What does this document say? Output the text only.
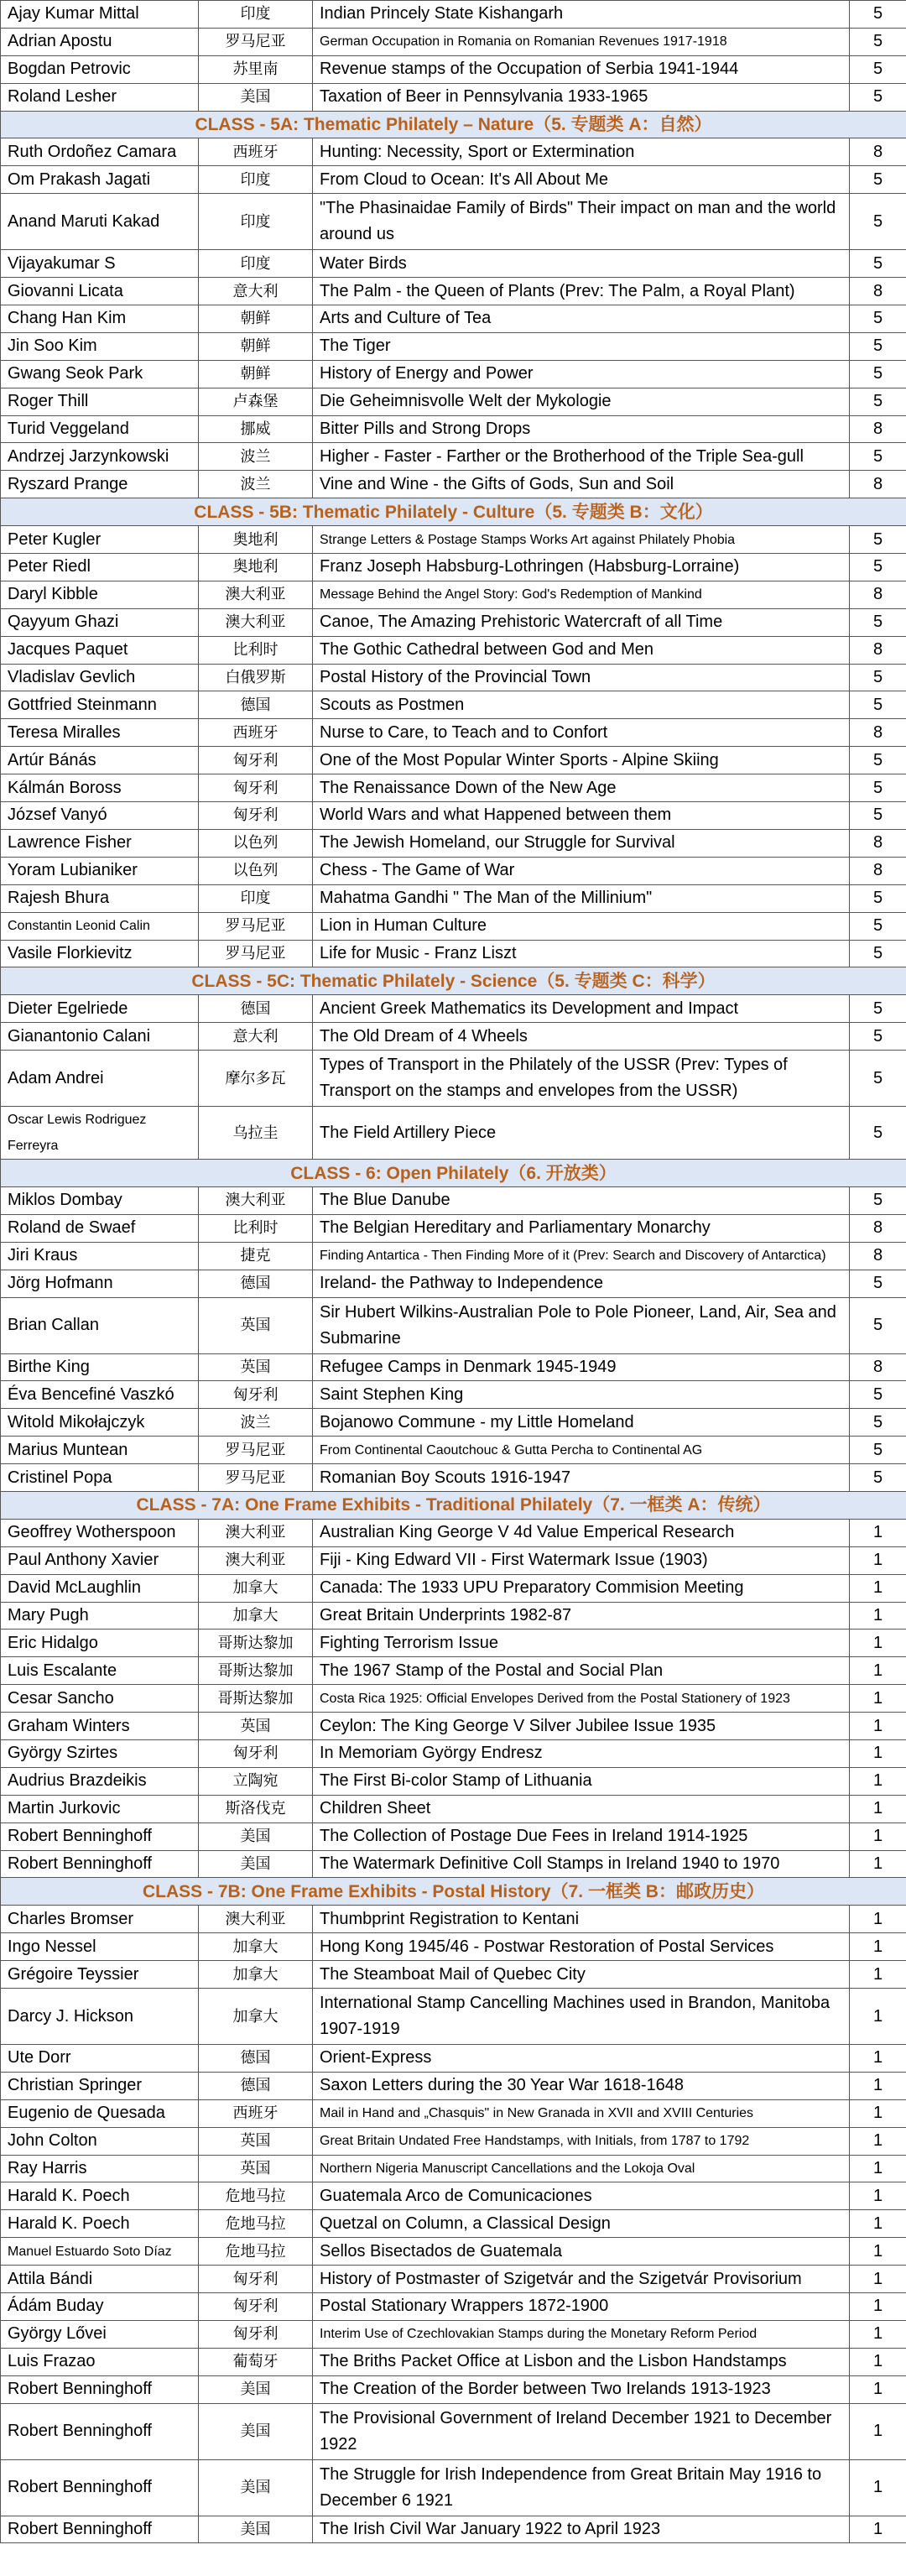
Ajay Kumar Mittal	印度	Indian Princely State Kishangarh	5
Adrian Apostu	罗马尼亚	German Occupation in Romania on Romanian Revenues 1917-1918	5
Bogdan Petrovic	苏里南	Revenue stamps of the Occupation of Serbia 1941-1944	5
Roland Lesher	美国	Taxation of Beer in Pennsylvania 1933-1965	5
CLASS - 5A: Thematic Philately – Nature（5. 专题类 A：自然）			
Ruth Ordoñez Camara	西班牙	Hunting: Necessity, Sport or Extermination	8
Om Prakash Jagati	印度	From Cloud to Ocean: It's All About Me	5
Anand Maruti Kakad	印度	"The Phasinaidae Family of Birds" Their impact on man and the world around us	5
Vijayakumar S	印度	Water Birds	5
Giovanni Licata	意大利	The Palm - the Queen of Plants (Prev: The Palm, a Royal Plant)	8
Chang Han Kim	朝鲜	Arts and Culture of Tea	5
Jin Soo Kim	朝鲜	The Tiger	5
Gwang Seok Park	朝鲜	History of Energy and Power	5
Roger Thill	卢森堡	Die Geheimnisvolle Welt der Mykologie	5
Turid Veggeland	挪威	Bitter Pills and Strong Drops	8
Andrzej Jarzynkowski	波兰	Higher - Faster - Farther or the Brotherhood of the Triple Sea-gull	5
Ryszard Prange	波兰	Vine and Wine - the Gifts of Gods, Sun and Soil	8
CLASS - 5B: Thematic Philately - Culture（5. 专题类 B：文化）			
Peter Kugler	奥地利	Strange Letters & Postage Stamps Works Art against Philately Phobia	5
Peter Riedl	奥地利	Franz Joseph Habsburg-Lothringen (Habsburg-Lorraine)	5
Daryl Kibble	澳大利亚	Message Behind the Angel Story: God's Redemption of Mankind	8
Qayyum Ghazi	澳大利亚	Canoe, The Amazing Prehistoric Watercraft of all Time	5
Jacques Paquet	比利时	The Gothic Cathedral between God and Men	8
Vladislav Gevlich	白俄罗斯	Postal History of the Provincial Town	5
Gottfried Steinmann	德国	Scouts as Postmen	5
Teresa Miralles	西班牙	Nurse to Care, to Teach and to Confort	8
Artúr Bánás	匈牙利	One of the Most Popular Winter Sports - Alpine Skiing	5
Kálmán Boross	匈牙利	The Renaissance Down of the New Age	5
József Vanyó	匈牙利	World Wars and what Happened between them	5
Lawrence Fisher	以色列	The Jewish Homeland, our Struggle for Survival	8
Yoram Lubianiker	以色列	Chess - The Game of War	8
Rajesh Bhura	印度	Mahatma Gandhi " The Man of the Millinium"	5
Constantin Leonid Calin	罗马尼亚	Lion in Human Culture	5
Vasile Florkievitz	罗马尼亚	Life for Music - Franz Liszt	5
CLASS - 5C: Thematic Philately - Science（5. 专题类 C：科学）			
Dieter Egelriede	德国	Ancient Greek Mathematics its Development and Impact	5
Gianantonio Calani	意大利	The Old Dream of 4 Wheels	5
Adam Andrei	摩尔多瓦	Types of Transport in the Philately of the USSR (Prev: Types of Transport on the stamps and envelopes from the USSR)	5
Oscar Lewis Rodriguez Ferreyra	乌拉圭	The Field Artillery Piece	5
CLASS - 6: Open Philately（6. 开放类）			
Miklos Dombay	澳大利亚	The Blue Danube	5
Roland de Swaef	比利时	The Belgian Hereditary and Parliamentary Monarchy	8
Jiri Kraus	捷克	Finding Antartica - Then Finding More of it (Prev: Search and Discovery of Antarctica)	8
Jörg Hofmann	德国	Ireland- the Pathway to Independence	5
Brian Callan	英国	Sir Hubert Wilkins-Australian Pole to Pole Pioneer, Land, Air, Sea and Submarine	5
Birthe King	英国	Refugee Camps in Denmark 1945-1949	8
Éva Bencefiné Vaszkó	匈牙利	Saint Stephen King	5
Witold Mikołajczyk	波兰	Bojanowo Commune - my Little Homeland	5
Marius Muntean	罗马尼亚	From Continental Caoutchouc & Gutta Percha to Continental AG	5
Cristinel Popa	罗马尼亚	Romanian Boy Scouts 1916-1947	5
CLASS - 7A: One Frame Exhibits - Traditional Philately（7. 一框类 A：传统）			
Geoffrey Wotherspoon	澳大利亚	Australian King George V 4d Value Emperical Research	1
Paul Anthony Xavier	澳大利亚	Fiji - King Edward VII - First Watermark Issue (1903)	1
David McLaughlin	加拿大	Canada: The 1933 UPU Preparatory Commision Meeting	1
Mary Pugh	加拿大	Great Britain Underprints 1982-87	1
Eric Hidalgo	哥斯达黎加	Fighting Terrorism Issue	1
Luis Escalante	哥斯达黎加	The 1967 Stamp of the Postal and Social Plan	1
Cesar Sancho	哥斯达黎加	Costa Rica 1925: Official Envelopes Derived from the Postal Stationery of 1923	1
Graham Winters	英国	Ceylon: The King George V Silver Jubilee Issue 1935	1
György Szirtes	匈牙利	In Memoriam György Endresz	1
Audrius Brazdeikis	立陶宛	The First Bi-color Stamp of Lithuania	1
Martin Jurkovic	斯洛伐克	Children Sheet	1
Robert Benninghoff	美国	The Collection of Postage Due Fees in Ireland 1914-1925	1
Robert Benninghoff	美国	The Watermark Definitive Coll Stamps in Ireland 1940 to 1970	1
CLASS - 7B: One Frame Exhibits - Postal History（7. 一框类 B：邮政历史）			
Charles Bromser	澳大利亚	Thumbprint Registration to Kentani	1
Ingo Nessel	加拿大	Hong Kong 1945/46 - Postwar Restoration of Postal Services	1
Grégoire Teyssier	加拿大	The Steamboat Mail of Quebec City	1
Darcy J. Hickson	加拿大	International Stamp Cancelling Machines used in Brandon, Manitoba 1907-1919	1
Ute Dorr	德国	Orient-Express	1
Christian Springer	德国	Saxon Letters during the 30 Year War 1618-1648	1
Eugenio de Quesada	西班牙	Mail in Hand and „Chasquis" in New Granada in XVII and XVIII Centuries	1
John Colton	英国	Great Britain Undated Free Handstamps, with Initials, from 1787 to 1792	1
Ray Harris	英国	Northern Nigeria Manuscript Cancellations and the Lokoja Oval	1
Harald K. Poech	危地马拉	Guatemala Arco de Comunicaciones	1
Harald K. Poech	危地马拉	Quetzal on Column, a Classical Design	1
Manuel Estuardo Soto Díaz	危地马拉	Sellos Bisectados de Guatemala	1
Attila Bándi	匈牙利	History of Postmaster of Szigetvár and the Szigetvár Provisorium	1
Ádám Buday	匈牙利	Postal Stationary Wrappers 1872-1900	1
György Lővei	匈牙利	Interim Use of Czechlovakian Stamps during the Monetary Reform Period	1
Luis Frazao	葡萄牙	The Briths Packet Office at Lisbon and the Lisbon Handstamps	1
Robert Benninghoff	美国	The Creation of the Border between Two Irelands 1913-1923	1
Robert Benninghoff	美国	The Provisional Government of Ireland December 1921 to December 1922	1
Robert Benninghoff	美国	The Struggle for Irish Independence from Great Britain May 1916 to December 6 1921	1
Robert Benninghoff	美国	The Irish Civil War January 1922 to April 1923	1
